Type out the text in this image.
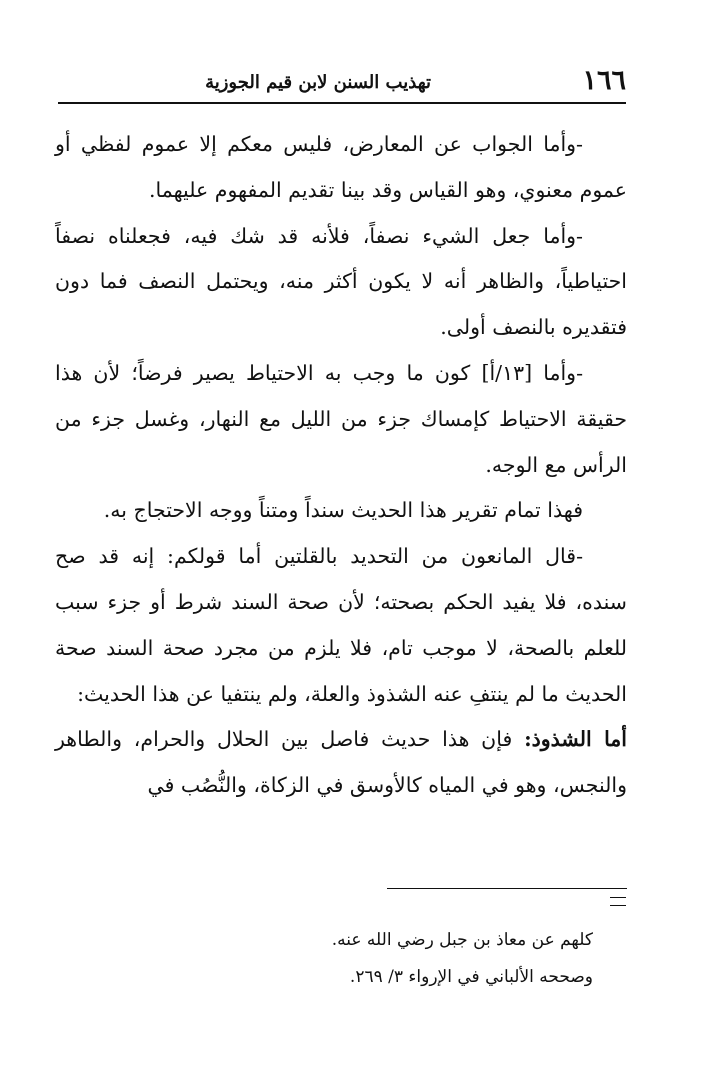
١٦٦
تهذيب السنن لابن قيم الجوزية

-وأما الجواب عن المعارض، فليس معكم إلا عموم لفظي أو عموم معنوي، وهو القياس وقد بينا تقديم المفهوم عليهما.

-وأما جعل الشيء نصفاً، فلأنه قد شك فيه، فجعلناه نصفاً احتياطياً، والظاهر أنه لا يكون أكثر منه، ويحتمل النصف فما دون فتقديره بالنصف أولى.

-وأما [١٣/أ] كون ما وجب به الاحتياط يصير فرضاً؛ لأن هذا حقيقة الاحتياط كإمساك جزء من الليل مع النهار، وغسل جزء من الرأس مع الوجه.

فهذا تمام تقرير هذا الحديث سنداً ومتناً ووجه الاحتجاج به.

-قال المانعون من التحديد بالقلتين أما قولكم: إنه قد صح سنده، فلا يفيد الحكم بصحته؛ لأن صحة السند شرط أو جزء سبب للعلم بالصحة، لا موجب تام، فلا يلزم من مجرد صحة السند صحة الحديث ما لم ينتفِ عنه الشذوذ والعلة، ولم ينتفيا عن هذا الحديث:

أما الشذوذ: فإن هذا حديث فاصل بين الحلال والحرام، والطاهر والنجس، وهو في المياه كالأوسق في الزكاة، والنُّصُب في

كلهم عن معاذ بن جبل رضي الله عنه.

وصححه الألباني في الإرواء ٣/ ٢٦٩.
